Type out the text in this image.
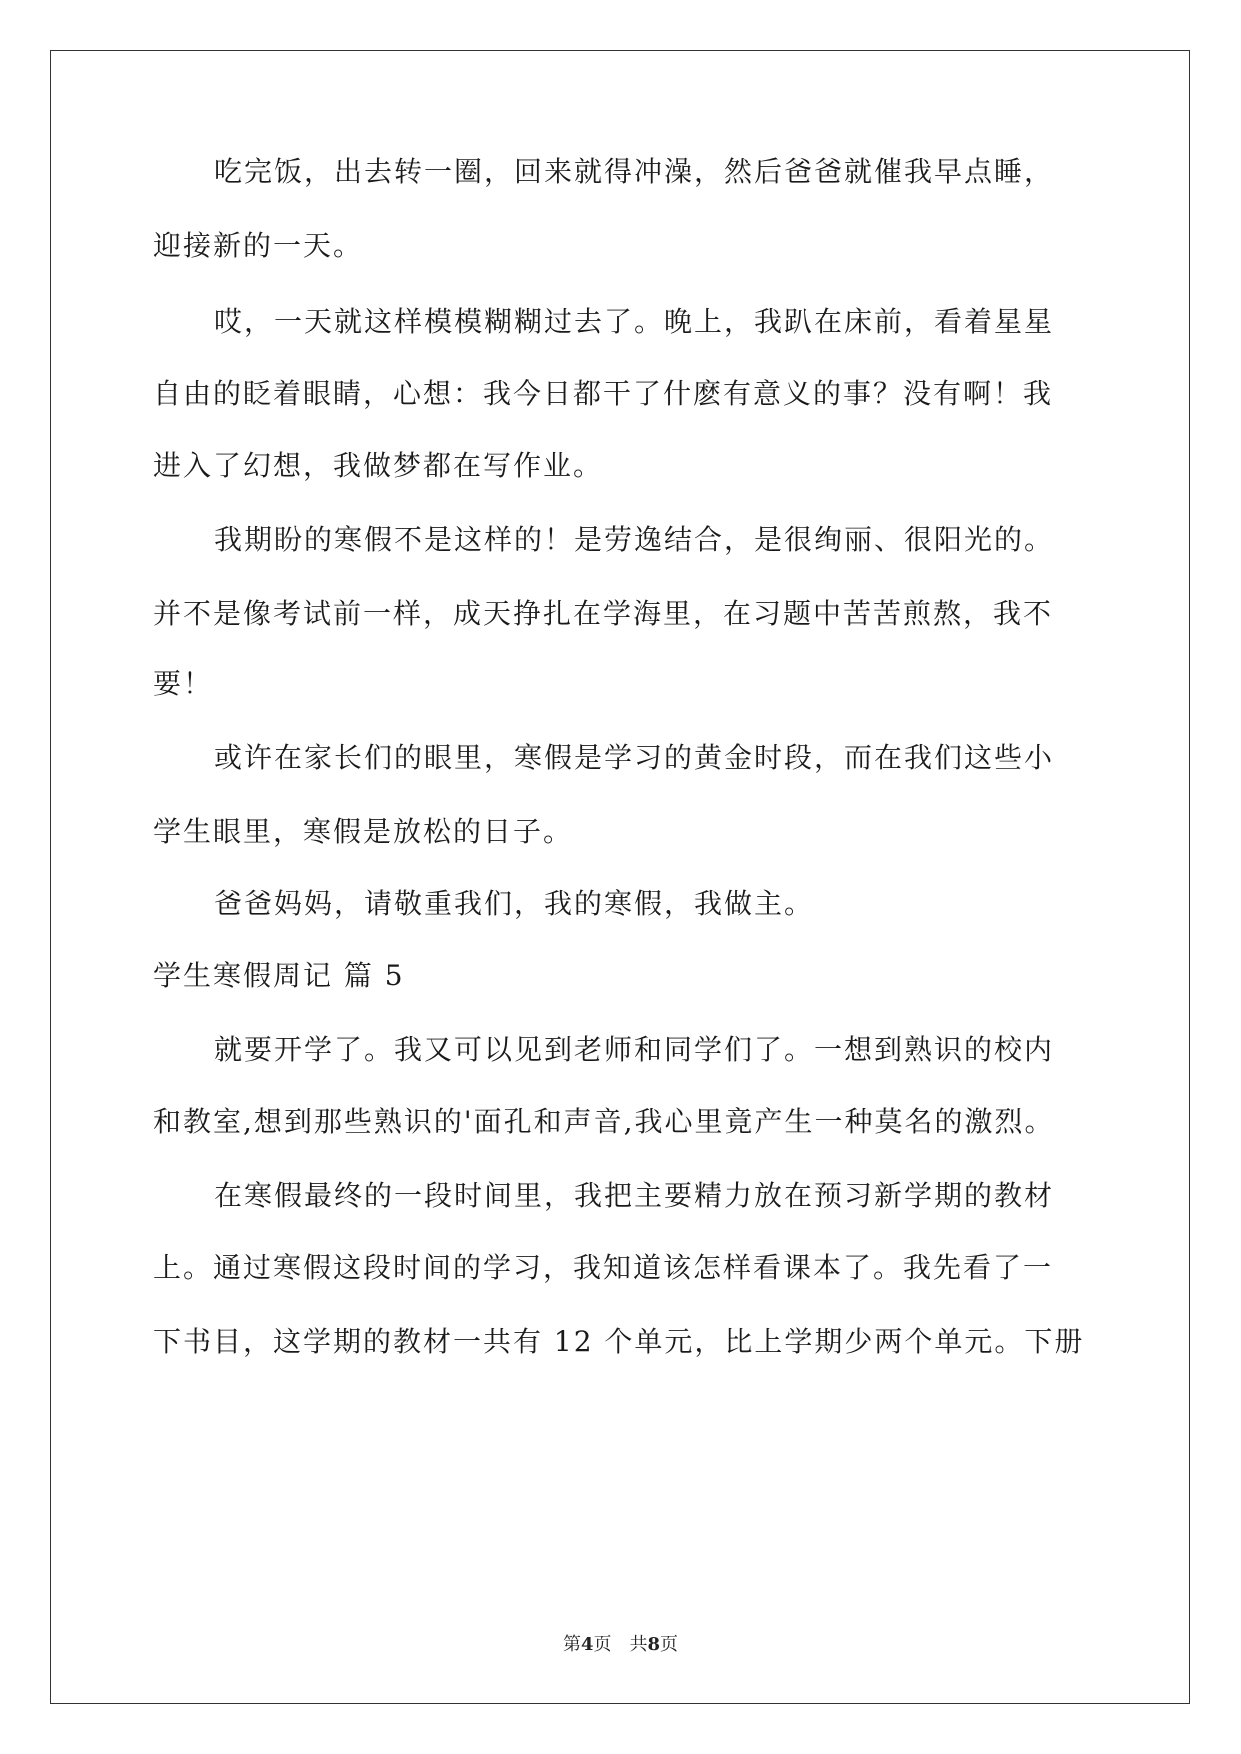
吃完饭，出去转一圈，回来就得冲澡，然后爸爸就催我早点睡，
迎接新的一天。
哎，一天就这样模模糊糊过去了。晚上，我趴在床前，看着星星
自由的眨着眼睛，心想：我今日都干了什麽有意义的事？没有啊！我
进入了幻想，我做梦都在写作业。
我期盼的寒假不是这样的！是劳逸结合，是很绚丽、很阳光的。
并不是像考试前一样，成天挣扎在学海里，在习题中苦苦煎熬，我不
要！
或许在家长们的眼里，寒假是学习的黄金时段，而在我们这些小
学生眼里，寒假是放松的日子。
爸爸妈妈，请敬重我们，我的寒假，我做主。
学生寒假周记 篇 5
就要开学了。我又可以见到老师和同学们了。一想到熟识的校内
和教室,想到那些熟识的'面孔和声音,我心里竟产生一种莫名的激烈。
在寒假最终的一段时间里，我把主要精力放在预习新学期的教材
上。通过寒假这段时间的学习，我知道该怎样看课本了。我先看了一
下书目，这学期的教材一共有 12 个单元，比上学期少两个单元。下册
第4页　共8页
